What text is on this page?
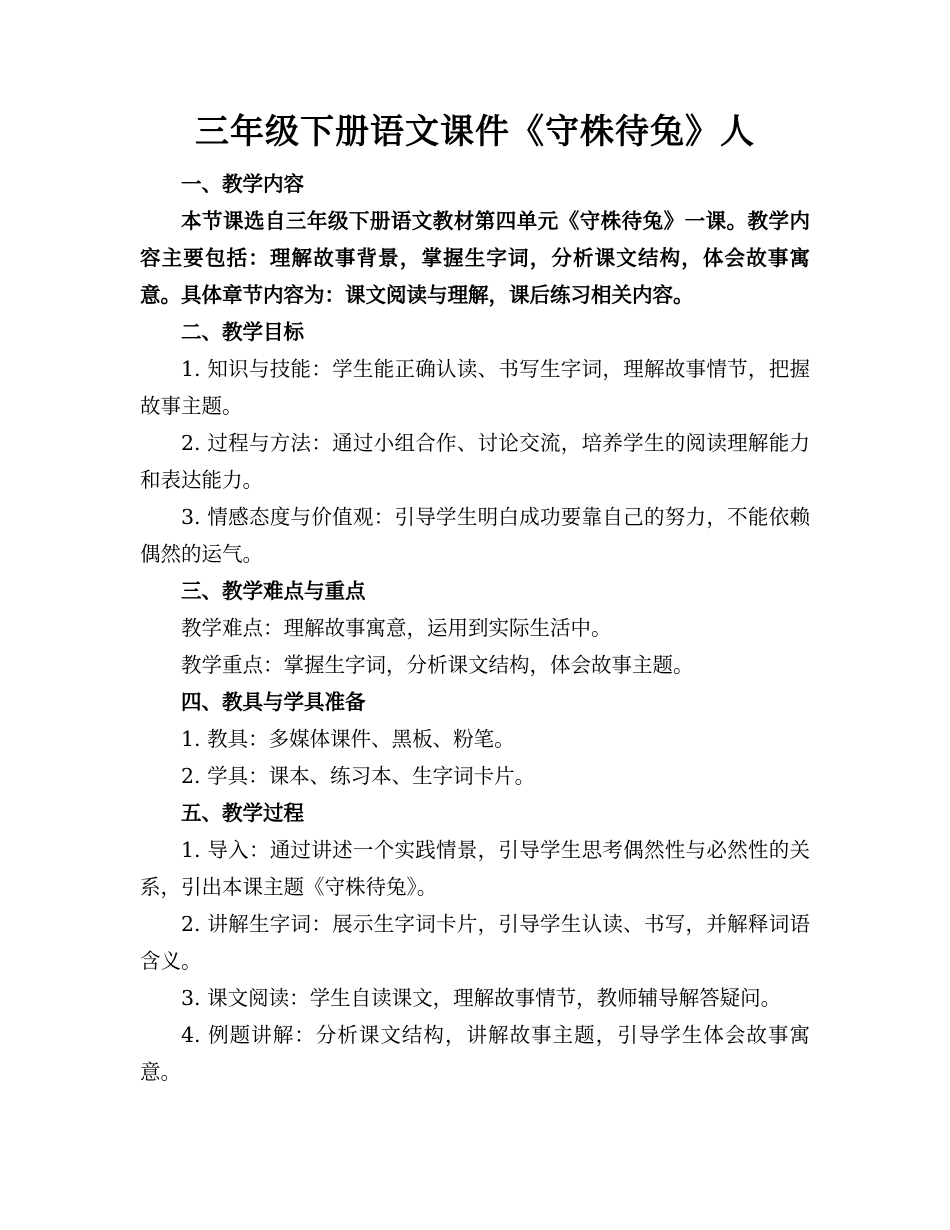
三年级下册语文课件《守株待兔》人

一、教学内容

本节课选自三年级下册语文教材第四单元《守株待兔》一课。教学内容主要包括：理解故事背景，掌握生字词，分析课文结构，体会故事寓意。具体章节内容为：课文阅读与理解，课后练习相关内容。

二、教学目标

1. 知识与技能：学生能正确认读、书写生字词，理解故事情节，把握故事主题。

2. 过程与方法：通过小组合作、讨论交流，培养学生的阅读理解能力和表达能力。

3. 情感态度与价值观：引导学生明白成功要靠自己的努力，不能依赖偶然的运气。

三、教学难点与重点

教学难点：理解故事寓意，运用到实际生活中。

教学重点：掌握生字词，分析课文结构，体会故事主题。

四、教具与学具准备

1. 教具：多媒体课件、黑板、粉笔。

2. 学具：课本、练习本、生字词卡片。

五、教学过程

1. 导入：通过讲述一个实践情景，引导学生思考偶然性与必然性的关系，引出本课主题《守株待兔》。

2. 讲解生字词：展示生字词卡片，引导学生认读、书写，并解释词语含义。

3. 课文阅读：学生自读课文，理解故事情节，教师辅导解答疑问。

4. 例题讲解：分析课文结构，讲解故事主题，引导学生体会故事寓意。
